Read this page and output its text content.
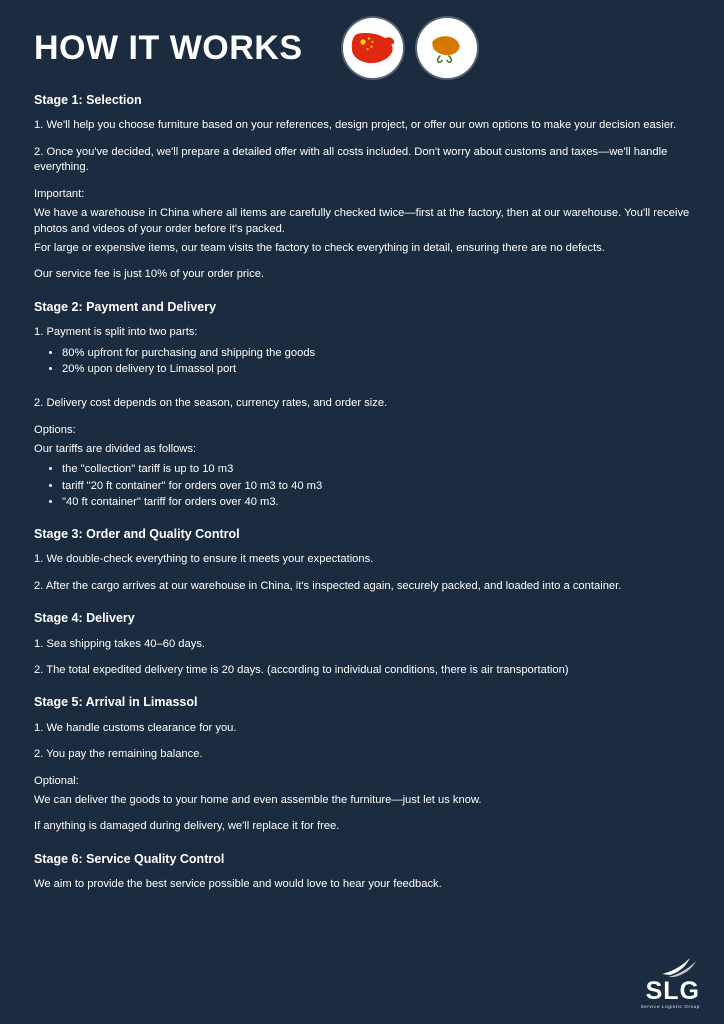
HOW IT WORKS
Stage 1: Selection

1. We'll help you choose furniture based on your references, design project, or offer our own options to make your decision easier.

2. Once you've decided, we'll prepare a detailed offer with all costs included. Don't worry about customs and taxes—we'll handle everything.

Important:

We have a warehouse in China where all items are carefully checked twice—first at the factory, then at our warehouse. You'll receive photos and videos of your order before it's packed.

For large or expensive items, our team visits the factory to check everything in detail, ensuring there are no defects.

Our service fee is just 10% of your order price.

Stage 2: Payment and Delivery

1. Payment is split into two parts:

• 80% upfront for purchasing and shipping the goods
• 20% upon delivery to Limassol port

2. Delivery cost depends on the season, currency rates, and order size.

Options:

Our tariffs are divided as follows:

• the "collection" tariff is up to 10 m3
• tariff "20 ft container" for orders over 10 m3 to 40 m3
• "40 ft container" tariff for orders over 40 m3.
Stage 3: Order and Quality Control

1. We double-check everything to ensure it meets your expectations.

2. After the cargo arrives at our warehouse in China, it's inspected again, securely packed, and loaded into a container.

Stage 4: Delivery

1. Sea shipping takes 40–60 days.

2. The total expedited delivery time is 20 days. (according to individual conditions, there is air transportation)

Stage 5: Arrival in Limassol

1. We handle customs clearance for you.

2. You pay the remaining balance.

Optional:

We can deliver the goods to your home and even assemble the furniture—just let us know.

If anything is damaged during delivery, we'll replace it for free.

Stage 6: Service Quality Control

We aim to provide the best service possible and would love to hear your feedback.

SLG
Service Logistic Group
